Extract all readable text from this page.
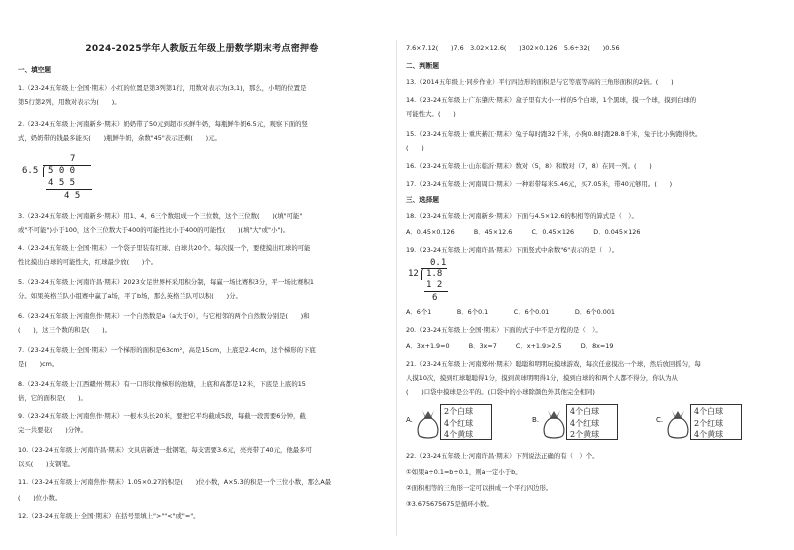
2024-2025学年人教版五年级上册数学期末考点密押卷
一、填空题
1.（23-24五年级上·全国·期末）小红的位置是第3列第1行，用数对表示为(3,1)，那么，小明的位置是
第5行第2列，用数对表示为(　　)。
2.（23-24五年级上·河南新乡·期末）奶奶带了50元到超市买鲜牛奶，每瓶鲜牛奶6.5元，观察下面的竖
式，奶奶带的钱最多能买(　　)瓶鲜牛奶，余数"45"表示还剩(　　)元。
7
6.5 5 0 0
4 5 5
4 5
3.（23-24五年级上·河南新乡·期末）用1、4、6三个数组成一个三位数，这个三位数(　　)(填"可能"
或"不可能")小于100，这个三位数大于400的可能性比小于400的可能性(　　)(填"大"或"小")。
4.（23-24五年级上·全国·期末）一个袋子里装有红球、白球共20个。每次摸一个，要使摸出红球的可能
性比摸出白球的可能性大，红球最少放(　　)个。
5.（23-24五年级上·河南许昌·期末）2023女足世界杯采用积分制，每赢一场比赛积3分，平一场比赛积1
分。如果英格兰队小组赛中赢了a场，平了b场，那么英格兰队可以积(　　)分。
6.（23-24五年级上·河南焦作·期末）一个自然数是a（a大于0），与它相邻的两个自然数分别是(　　)和
(　　)，这三个数的和是(　　)。
7.（23-24五年级上·全国·期末）一个梯形的面积是63cm²，高是15cm，上底是2.4cm，这个梯形的下底
是(　　)cm。
8.（23-24五年级上·江西赣州·期末）有一口形状像梯形的池塘，上底和高都是12米，下底是上底的15
倍，它的面积是(　　)。
9.（23-24五年级上·河南焦作·期末）一根木头长20米，要把它平均截成5段，每截一段需要6分钟，截
完一共要花(　　)分钟。
10.（23-24五年级上·河南许昌·期末）文具店新进一批钢笔，每支需要3.6元，亮亮带了40元，他最多可
以买(　　)支钢笔。
11.（23-24五年级上·河南焦作·期末）1.05×0.27的积是(　　)位小数，A×5.3的积是一个三位小数，那么A最
(　　)位小数。
12.（23-24五年级上·全国·期末）在括号里填上">""<"或"="。
7.6×7.12(　　)7.6　3.02×12.6(　　)302×0.126　5.6÷32(　　)0.56
二、判断题
13.（2014五年级上·同步作业）平行四边形的面积是与它等底等高的三角形面积的2倍。(　　)
14.（23-24五年级上·广东肇庆·期末）盒子里有大小一样的5个白球，1个黑球，摸一个球，摸到白球的
可能性大。(　　)
15.（23-24五年级上·重庆綦江·期末）兔子每时跑32千米，小狗0.8时跑28.8千米，兔子比小狗跑得快。
(　　)
16.（23-24五年级上·山东临沂·期末）数对（5，8）和数对（7，8）在同一列。(　　)
17.（23-24五年级上·河南周口·期末）一种彩带每米5.46元，买7.05米，带40元够用。(　　)
三、选择题
18.（23-24五年级上·河南新乡·期末）下面与4.5×12.6的积相等的算式是（　）。
A．0.45×0.126　　　B．45×12.6　　　C．0.45×126　　　D．0.045×126
19.（23-24五年级上·河南许昌·期末）下面竖式中余数"6"表示的是（　）。
0.1
12 1.8
1 2
6
A．6个1　　　　B．6个0.1　　　　C．6个0.01　　　　D．6个0.001
20.（23-24五年级上·全国·期末）下面的式子中不是方程的是（　）。
A．3x+1.9=0　　　B．3x=7　　　C．x+1.9>2.5　　　D．8x=19
21.（23-24五年级上·河南郑州·期末）聪聪和明明玩摸球游戏，每次任意摸出一个球，然后放回摇匀，每
人摸10次，摸到红球聪聪得1分，摸到黄球明明得1分，摸到白球的和两个人都不得分，你认为从
(　　)口袋中摸球是公平的。(口袋中的小球除颜色外其他完全相同)
A.
2个白球
4个红球
4个黄球
B.
4个白球
4个红球
2个黄球
C.
4个白球
2个红球
4个黄球
22.（23-24五年级上·河南许昌·期末）下列说法正确的有（　）个。
①如果a÷0.1=b÷0.1，则a一定小于b。
②面积相等的三角形一定可以拼成一个平行四边形。
③3.675675675是循环小数。
